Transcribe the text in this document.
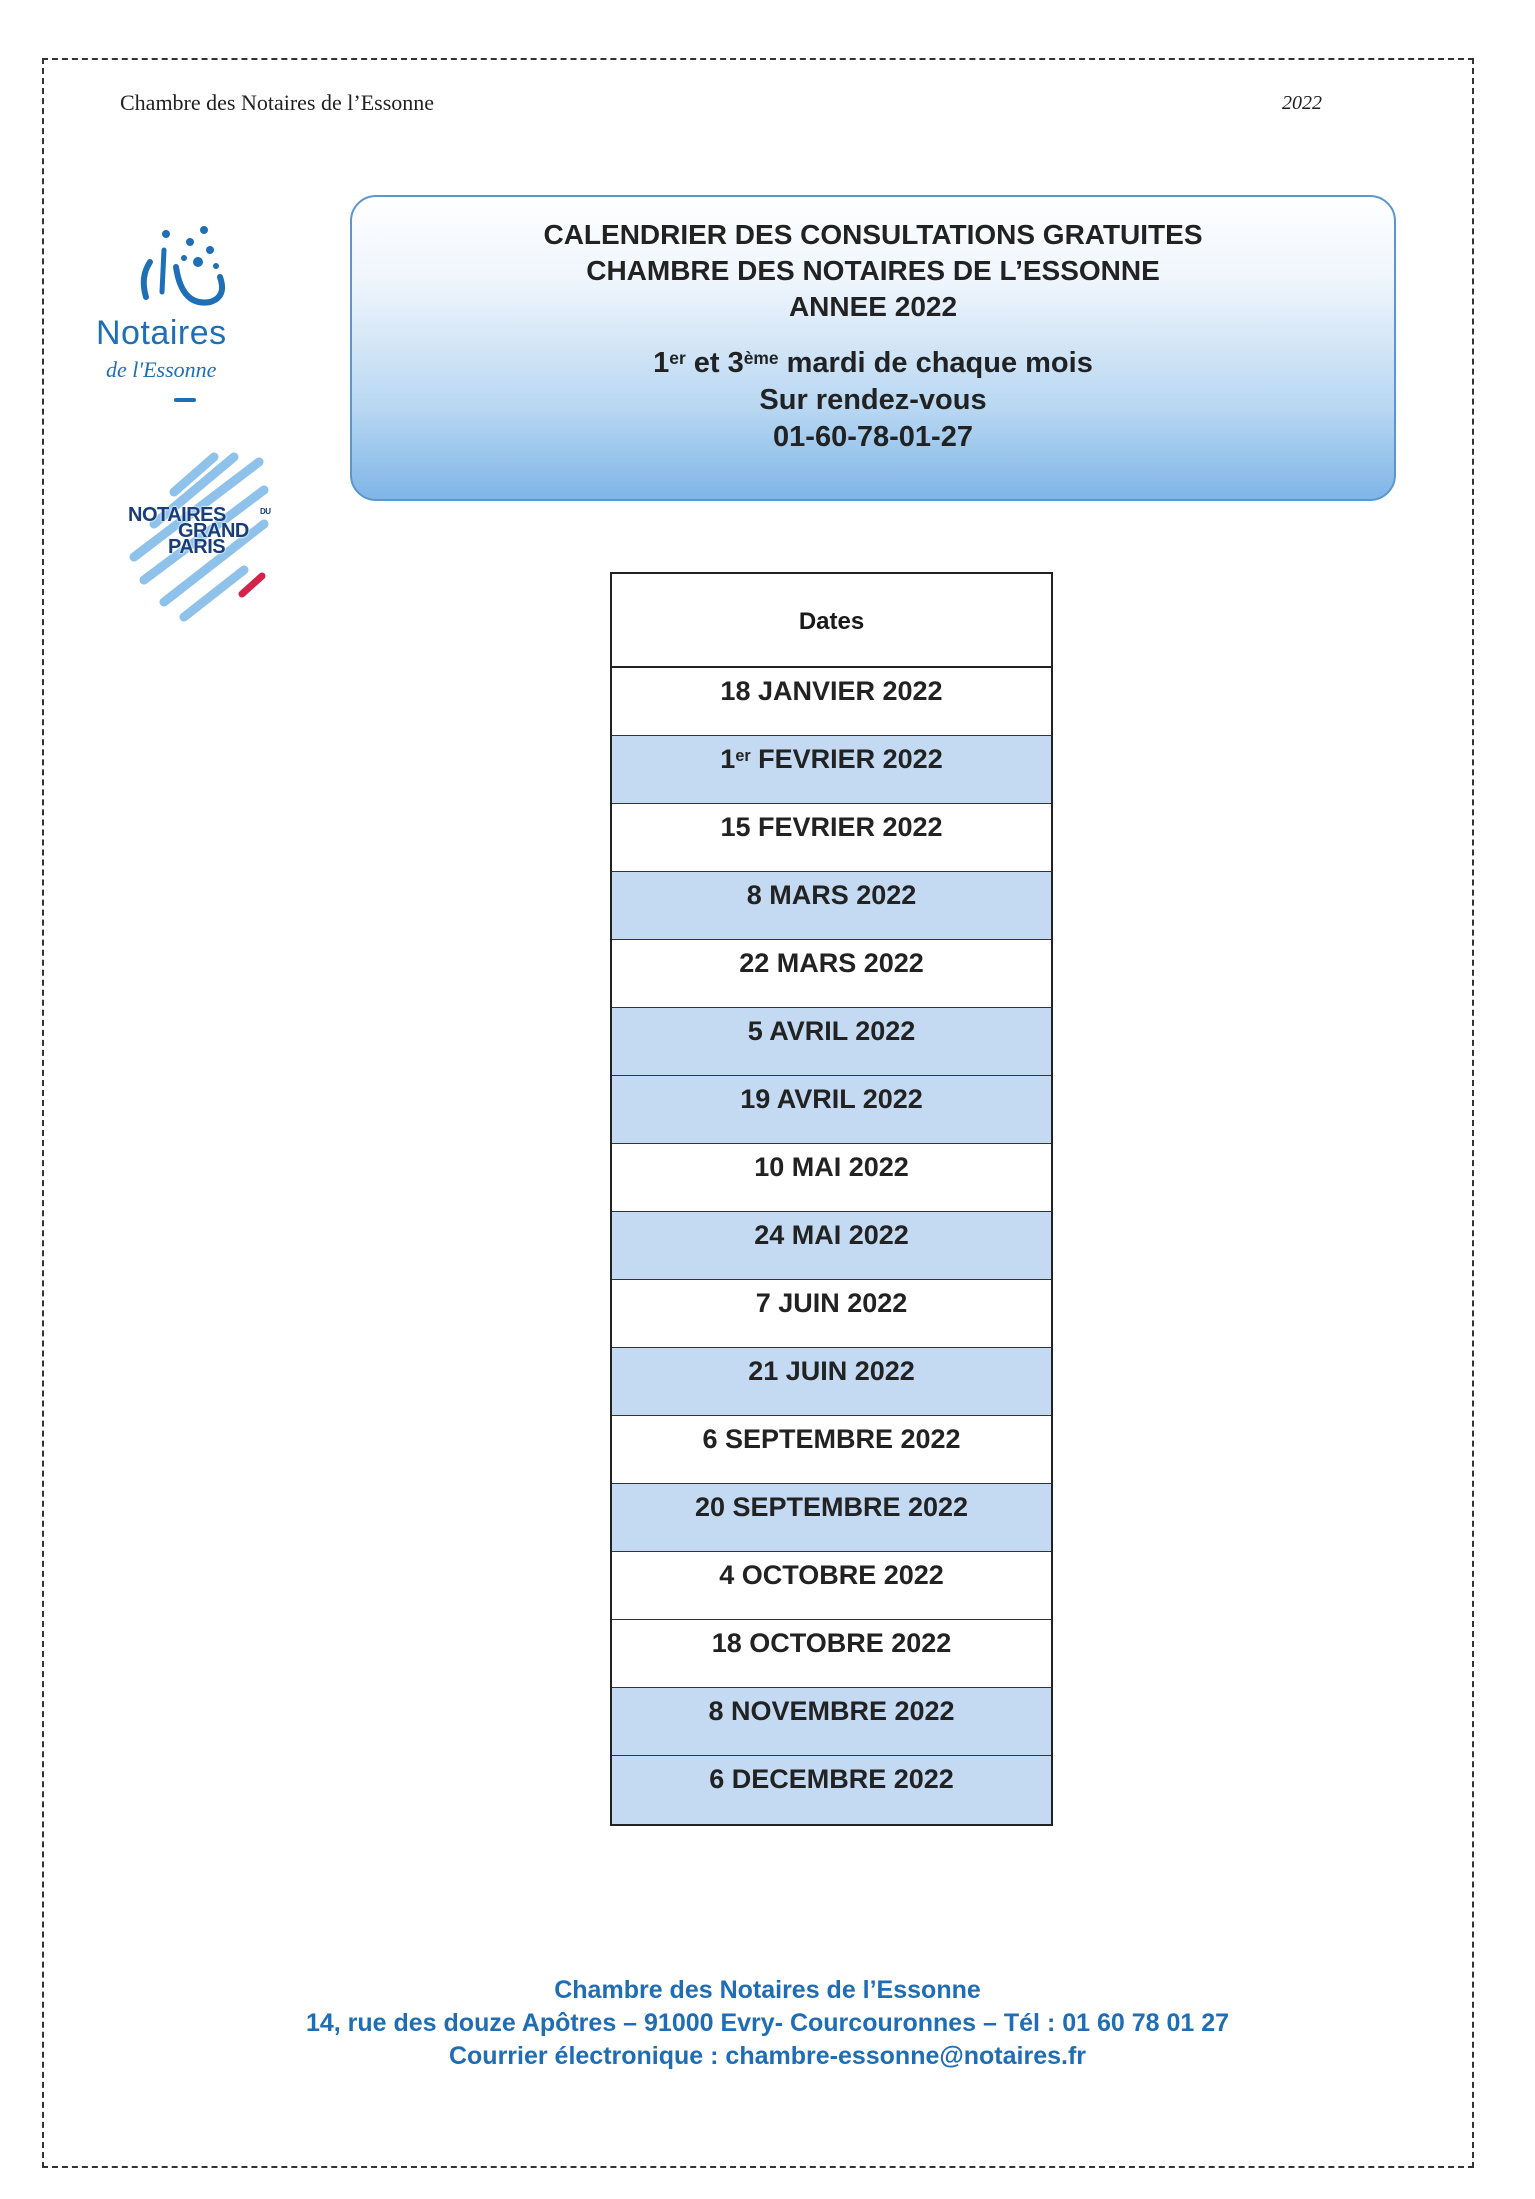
Chambre des Notaires de l’Essonne	2022
Notaires
de l'Essonne
NOTAIRES	DU
GRAND
PARIS
CALENDRIER DES CONSULTATIONS GRATUITES
CHAMBRE DES NOTAIRES DE L’ESSONNE
ANNEE 2022
1er et 3ème mardi de chaque mois
Sur rendez-vous
01-60-78-01-27
Dates
18 JANVIER 2022
1er FEVRIER 2022
15 FEVRIER 2022
8 MARS 2022
22 MARS 2022
5 AVRIL 2022
19 AVRIL 2022
10 MAI 2022
24 MAI 2022
7 JUIN 2022
21 JUIN 2022
6 SEPTEMBRE 2022
20 SEPTEMBRE 2022
4 OCTOBRE 2022
18 OCTOBRE 2022
8 NOVEMBRE 2022
6 DECEMBRE 2022
Chambre des Notaires de l’Essonne
14, rue des douze Apôtres – 91000 Evry- Courcouronnes – Tél : 01 60 78 01 27
Courrier électronique : chambre-essonne@notaires.fr
